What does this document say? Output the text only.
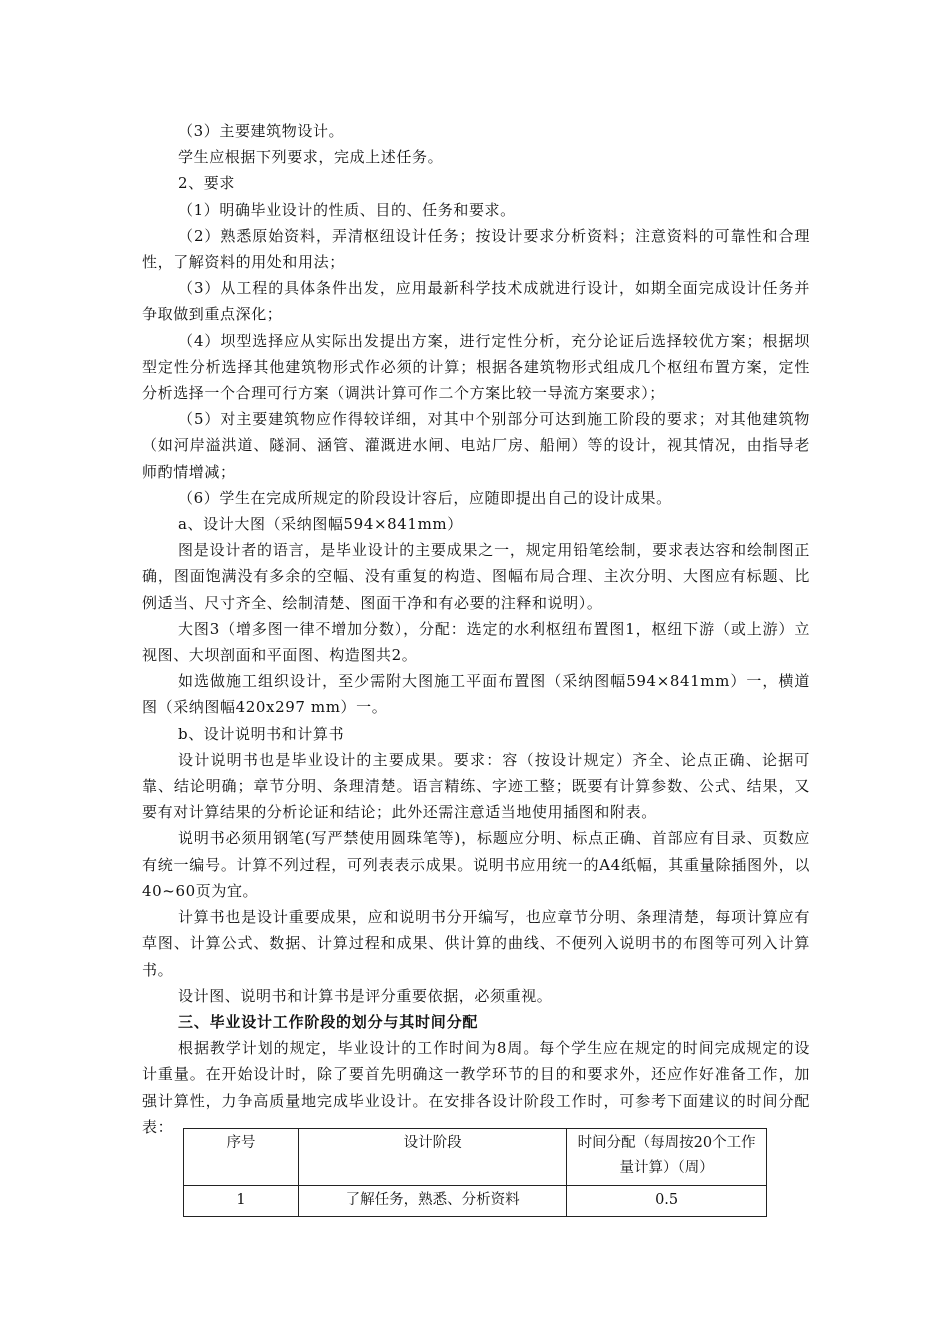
（3）主要建筑物设计。

学生应根据下列要求，完成上述任务。

2、要求

（1）明确毕业设计的性质、目的、任务和要求。

（2）熟悉原始资料，弄清枢纽设计任务；按设计要求分析资料；注意资料的可靠性和合理性，了解资料的用处和用法；

（3）从工程的具体条件出发，应用最新科学技术成就进行设计，如期全面完成设计任务并争取做到重点深化；

（4）坝型选择应从实际出发提出方案，进行定性分析，充分论证后选择较优方案；根据坝型定性分析选择其他建筑物形式作必须的计算；根据各建筑物形式组成几个枢纽布置方案，定性分析选择一个合理可行方案（调洪计算可作二个方案比较一导流方案要求）；

（5）对主要建筑物应作得较详细，对其中个别部分可达到施工阶段的要求；对其他建筑物（如河岸溢洪道、隧洞、涵管、灌溉进水闸、电站厂房、船闸）等的设计，视其情况，由指导老师酌情增减；

（6）学生在完成所规定的阶段设计容后，应随即提出自己的设计成果。

a、设计大图（采纳图幅594×841mm）

图是设计者的语言，是毕业设计的主要成果之一，规定用铅笔绘制，要求表达容和绘制图正确，图面饱满没有多余的空幅、没有重复的构造、图幅布局合理、主次分明、大图应有标题、比例适当、尺寸齐全、绘制清楚、图面干净和有必要的注释和说明）。

大图3（增多图一律不增加分数），分配：选定的水利枢纽布置图1，枢纽下游（或上游）立视图、大坝剖面和平面图、构造图共2。

如选做施工组织设计，至少需附大图施工平面布置图（采纳图幅594×841mm）一，横道图（采纳图幅420x297 mm）一。

b、设计说明书和计算书

设计说明书也是毕业设计的主要成果。要求：容（按设计规定）齐全、论点正确、论据可靠、结论明确；章节分明、条理清楚。语言精练、字迹工整；既要有计算参数、公式、结果，又要有对计算结果的分析论证和结论；此外还需注意适当地使用插图和附表。

说明书必须用钢笔(写严禁使用圆珠笔等)，标题应分明、标点正确、首部应有目录、页数应有统一编号。计算不列过程，可列表表示成果。说明书应用统一的A4纸幅，其重量除插图外，以40~60页为宜。

计算书也是设计重要成果，应和说明书分开编写，也应章节分明、条理清楚，每项计算应有草图、计算公式、数据、计算过程和成果、供计算的曲线、不便列入说明书的布图等可列入计算书。

设计图、说明书和计算书是评分重要依据，必须重视。

三、毕业设计工作阶段的划分与其时间分配

根据教学计划的规定，毕业设计的工作时间为8周。每个学生应在规定的时间完成规定的设计重量。在开始设计时，除了要首先明确这一教学环节的目的和要求外，还应作好准备工作，加强计算性，力争高质量地完成毕业设计。在安排各设计阶段工作时，可参考下面建议的时间分配表：

序号	设计阶段	时间分配（每周按20个工作量计算）（周）
1	了解任务，熟悉、分析资料	0.5
